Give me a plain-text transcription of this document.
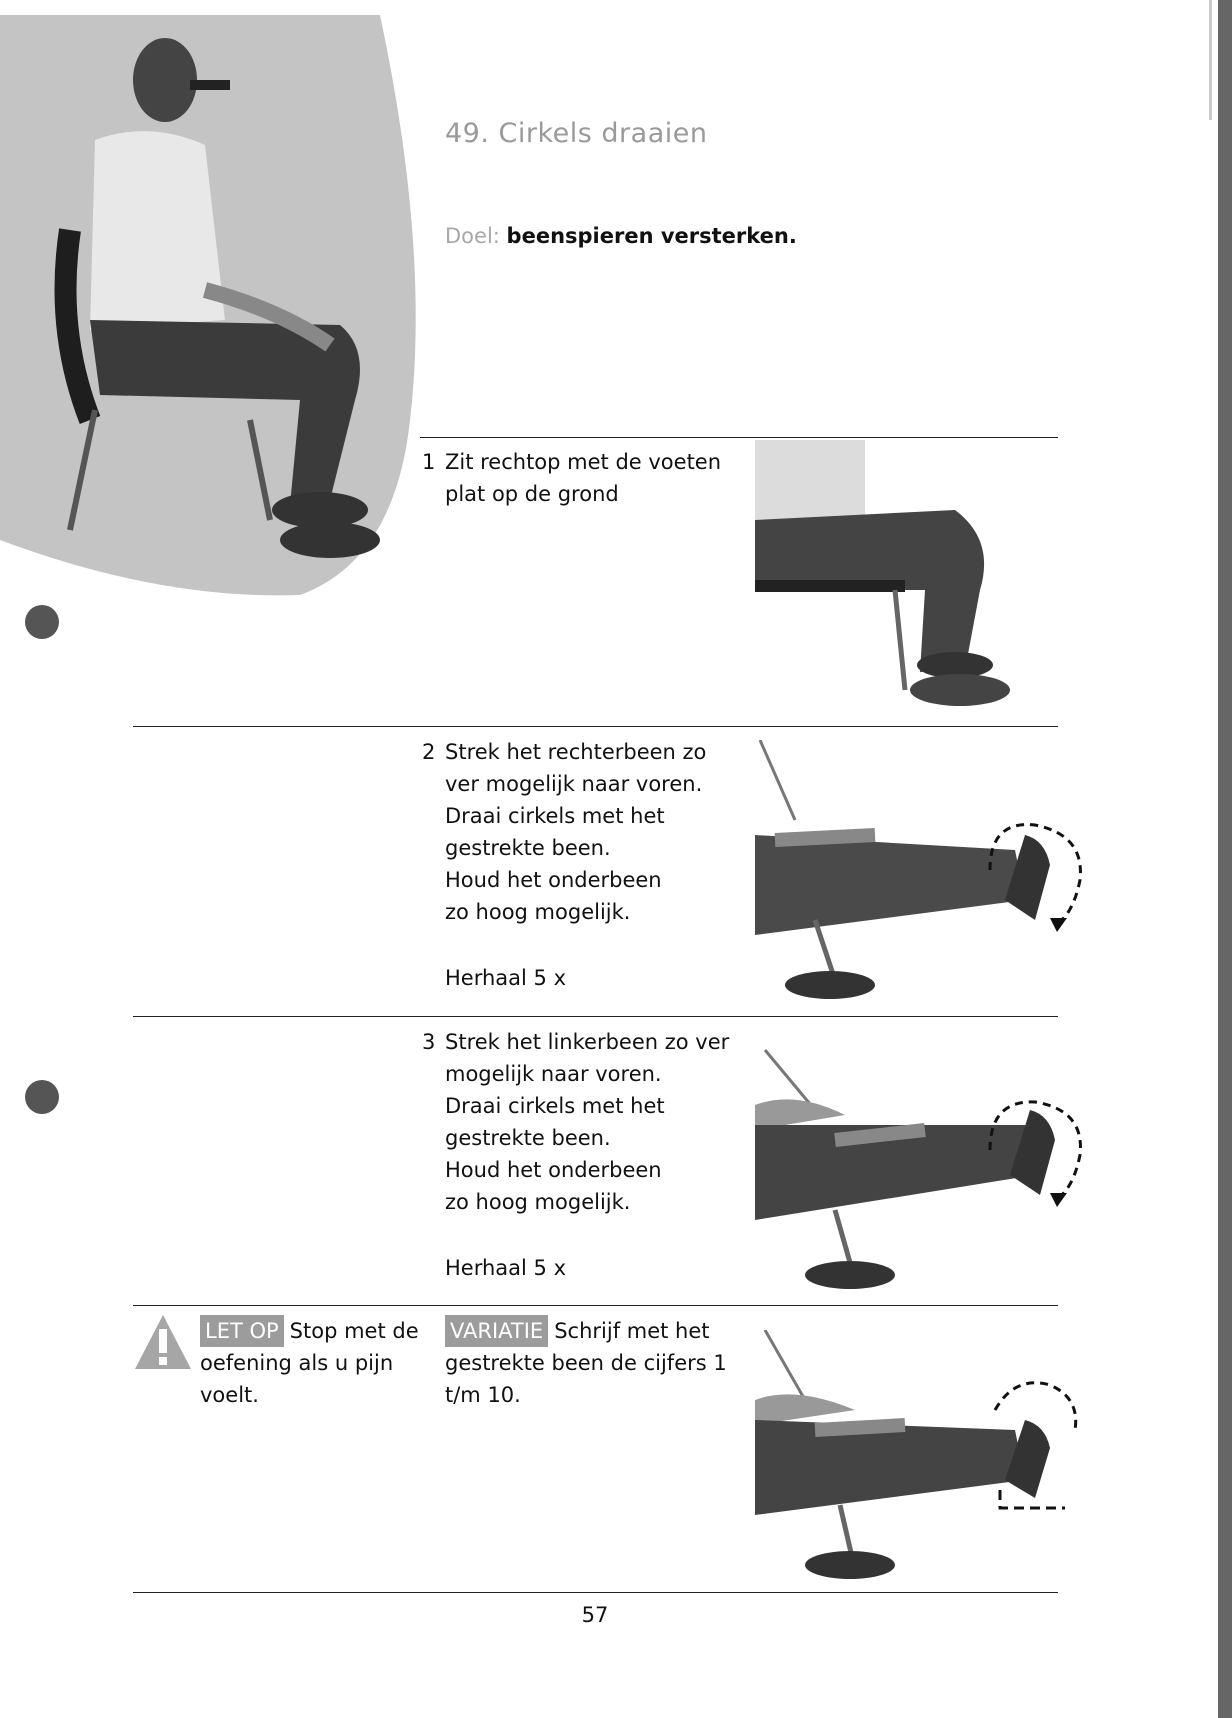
49. Cirkels draaien
Doel: beenspieren versterken.
1 Zit rechtop met de voeten
plat op de grond
2 Strek het rechterbeen zo
ver mogelijk naar voren.
Draai cirkels met het
gestrekte been.
Houd het onderbeen
zo hoog mogelijk.
Herhaal 5 x
3 Strek het linkerbeen zo ver
mogelijk naar voren.
Draai cirkels met het
gestrekte been.
Houd het onderbeen
zo hoog mogelijk.
Herhaal 5 x
LET OP Stop met de oefening als u pijn voelt.
VARIATIE Schrijf met het gestrekte been de cijfers 1 t/m 10.
57
